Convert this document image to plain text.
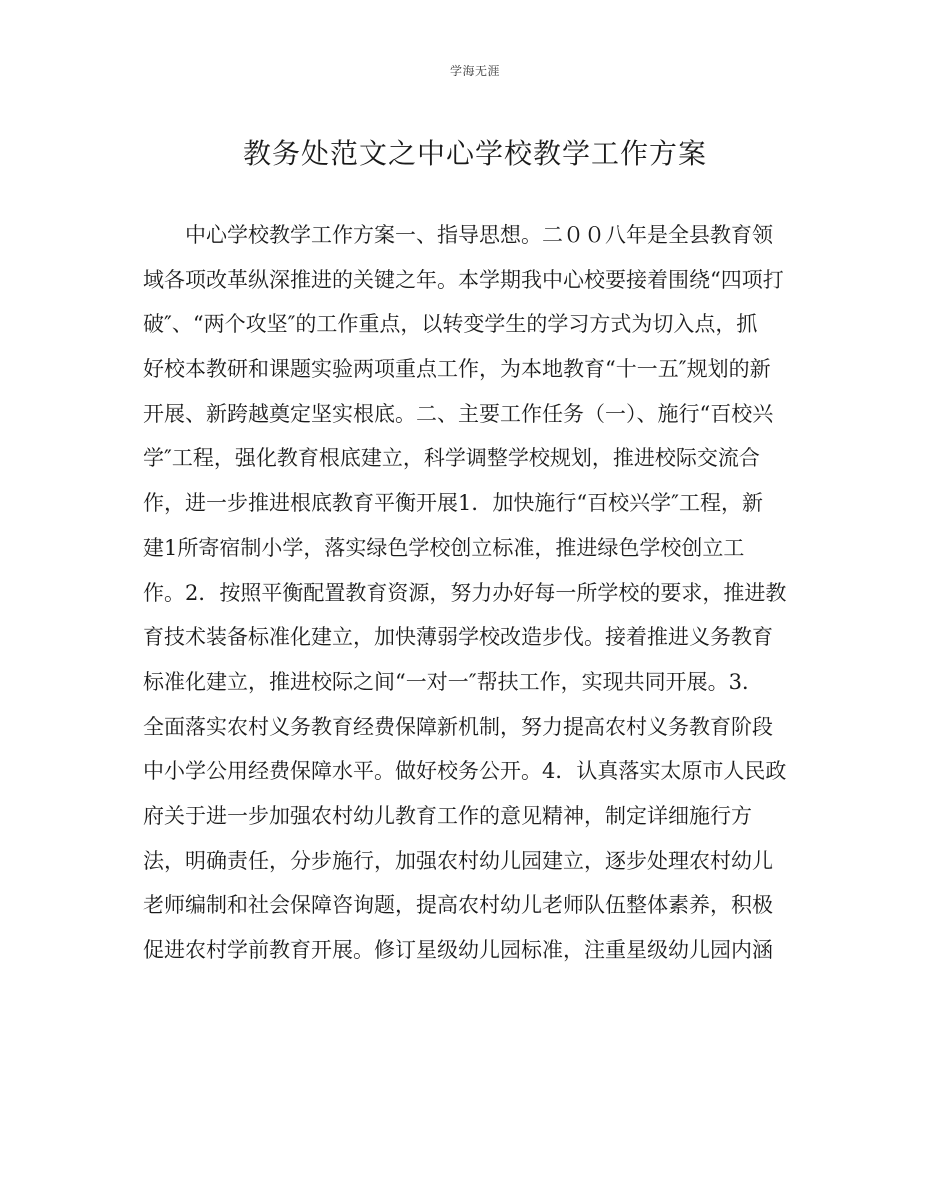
学海无涯
教务处范文之中心学校教学工作方案
中心学校教学工作方案一、指导思想。二００八年是全县教育领
域各项改革纵深推进的关键之年。本学期我中心校要接着围绕“四项打
破″、“两个攻坚″的工作重点，以转变学生的学习方式为切入点，抓
好校本教研和课题实验两项重点工作，为本地教育“十一五″规划的新
开展、新跨越奠定坚实根底。二、主要工作任务（一）、施行“百校兴
学″工程，强化教育根底建立，科学调整学校规划，推进校际交流合
作，进一步推进根底教育平衡开展1．加快施行“百校兴学″工程，新
建1所寄宿制小学，落实绿色学校创立标准，推进绿色学校创立工
作。2．按照平衡配置教育资源，努力办好每一所学校的要求，推进教
育技术装备标准化建立，加快薄弱学校改造步伐。接着推进义务教育
标准化建立，推进校际之间“一对一″帮扶工作，实现共同开展。3．
全面落实农村义务教育经费保障新机制，努力提高农村义务教育阶段
中小学公用经费保障水平。做好校务公开。4．认真落实太原市人民政
府关于进一步加强农村幼儿教育工作的意见精神，制定详细施行方
法，明确责任，分步施行，加强农村幼儿园建立，逐步处理农村幼儿
老师编制和社会保障咨询题，提高农村幼儿老师队伍整体素养，积极
促进农村学前教育开展。修订星级幼儿园标准，注重星级幼儿园内涵
